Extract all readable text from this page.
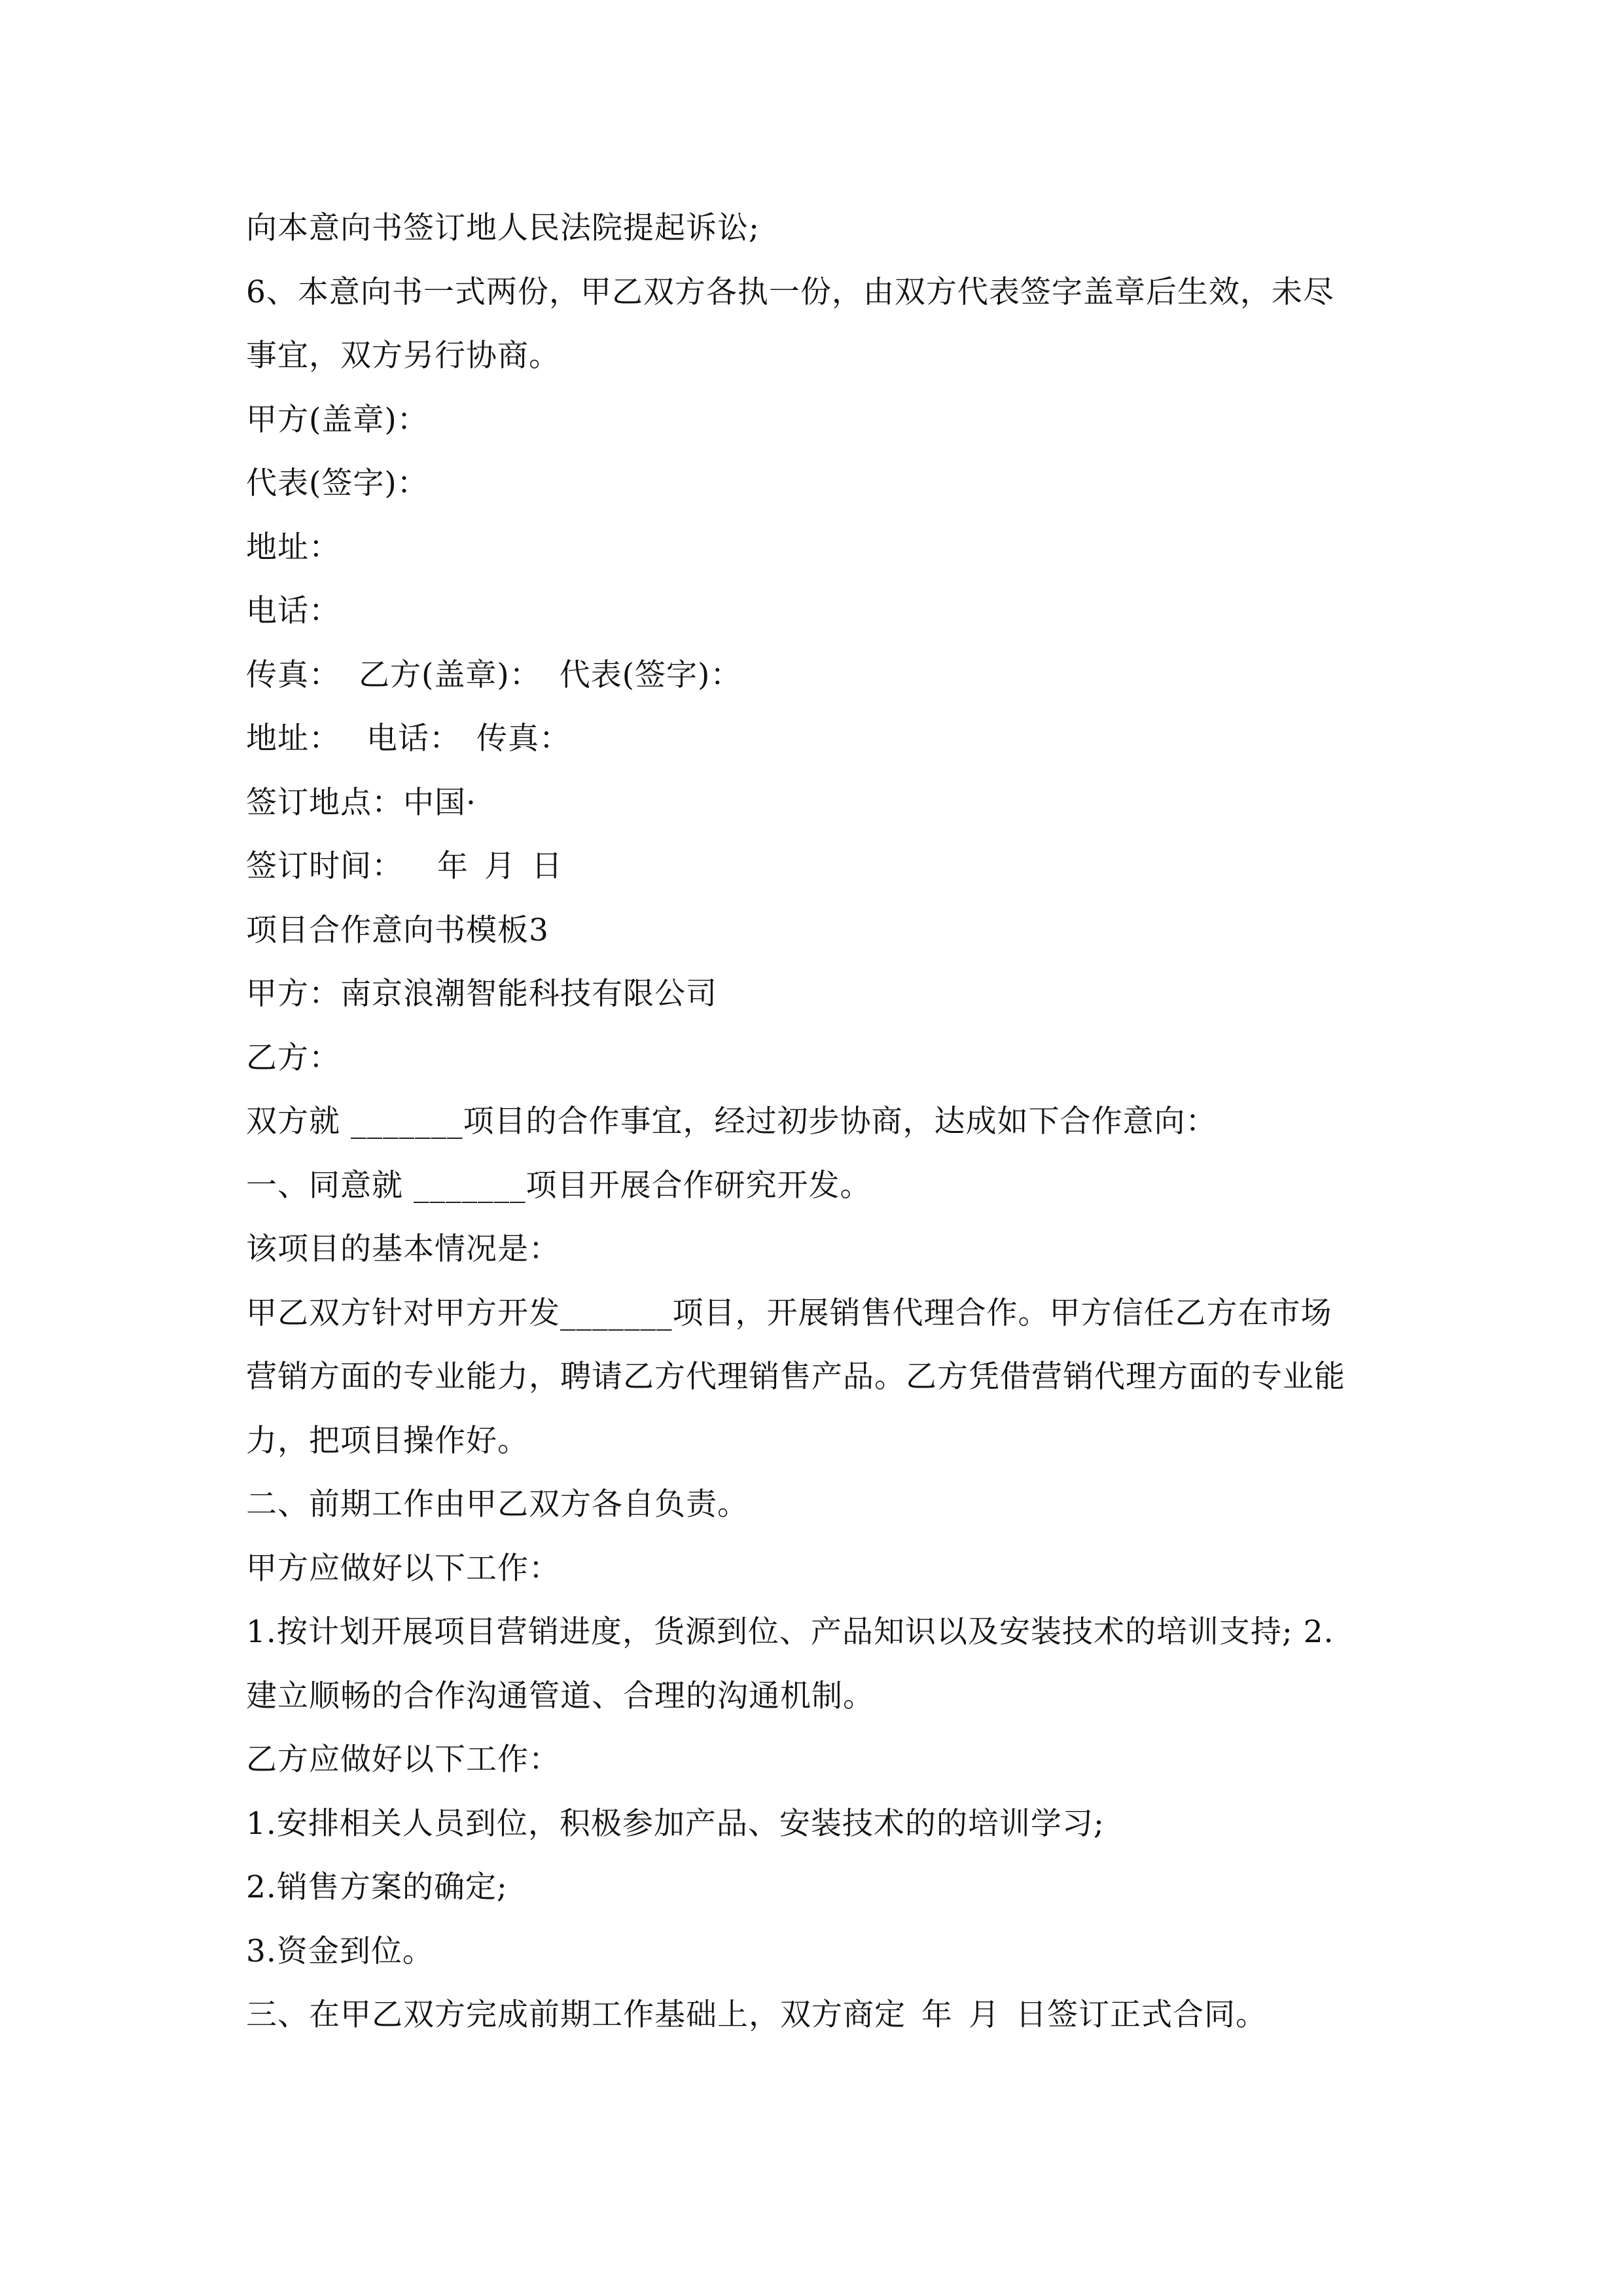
向本意向书签订地人民法院提起诉讼;
6、本意向书一式两份，甲乙双方各执一份，由双方代表签字盖章后生效，未尽
事宜，双方另行协商。
甲方(盖章)：
代表(签字)：
地址：
电话：
传真： 乙方(盖章)： 代表(签字)：
地址： 电话： 传真：
签订地点：中国·
签订时间： 年 月 日
项目合作意向书模板3
甲方：南京浪潮智能科技有限公司
乙方：
双方就 _______项目的合作事宜，经过初步协商，达成如下合作意向：
一、同意就 _______项目开展合作研究开发。
该项目的基本情况是：
甲乙双方针对甲方开发_______项目，开展销售代理合作。甲方信任乙方在市场
营销方面的专业能力，聘请乙方代理销售产品。乙方凭借营销代理方面的专业能
力，把项目操作好。
二、前期工作由甲乙双方各自负责。
甲方应做好以下工作：
1.按计划开展项目营销进度，货源到位、产品知识以及安装技术的培训支持; 2.
建立顺畅的合作沟通管道、合理的沟通机制。
乙方应做好以下工作：
1.安排相关人员到位，积极参加产品、安装技术的的培训学习;
2.销售方案的确定;
3.资金到位。
三、在甲乙双方完成前期工作基础上，双方商定 年 月 日签订正式合同。
